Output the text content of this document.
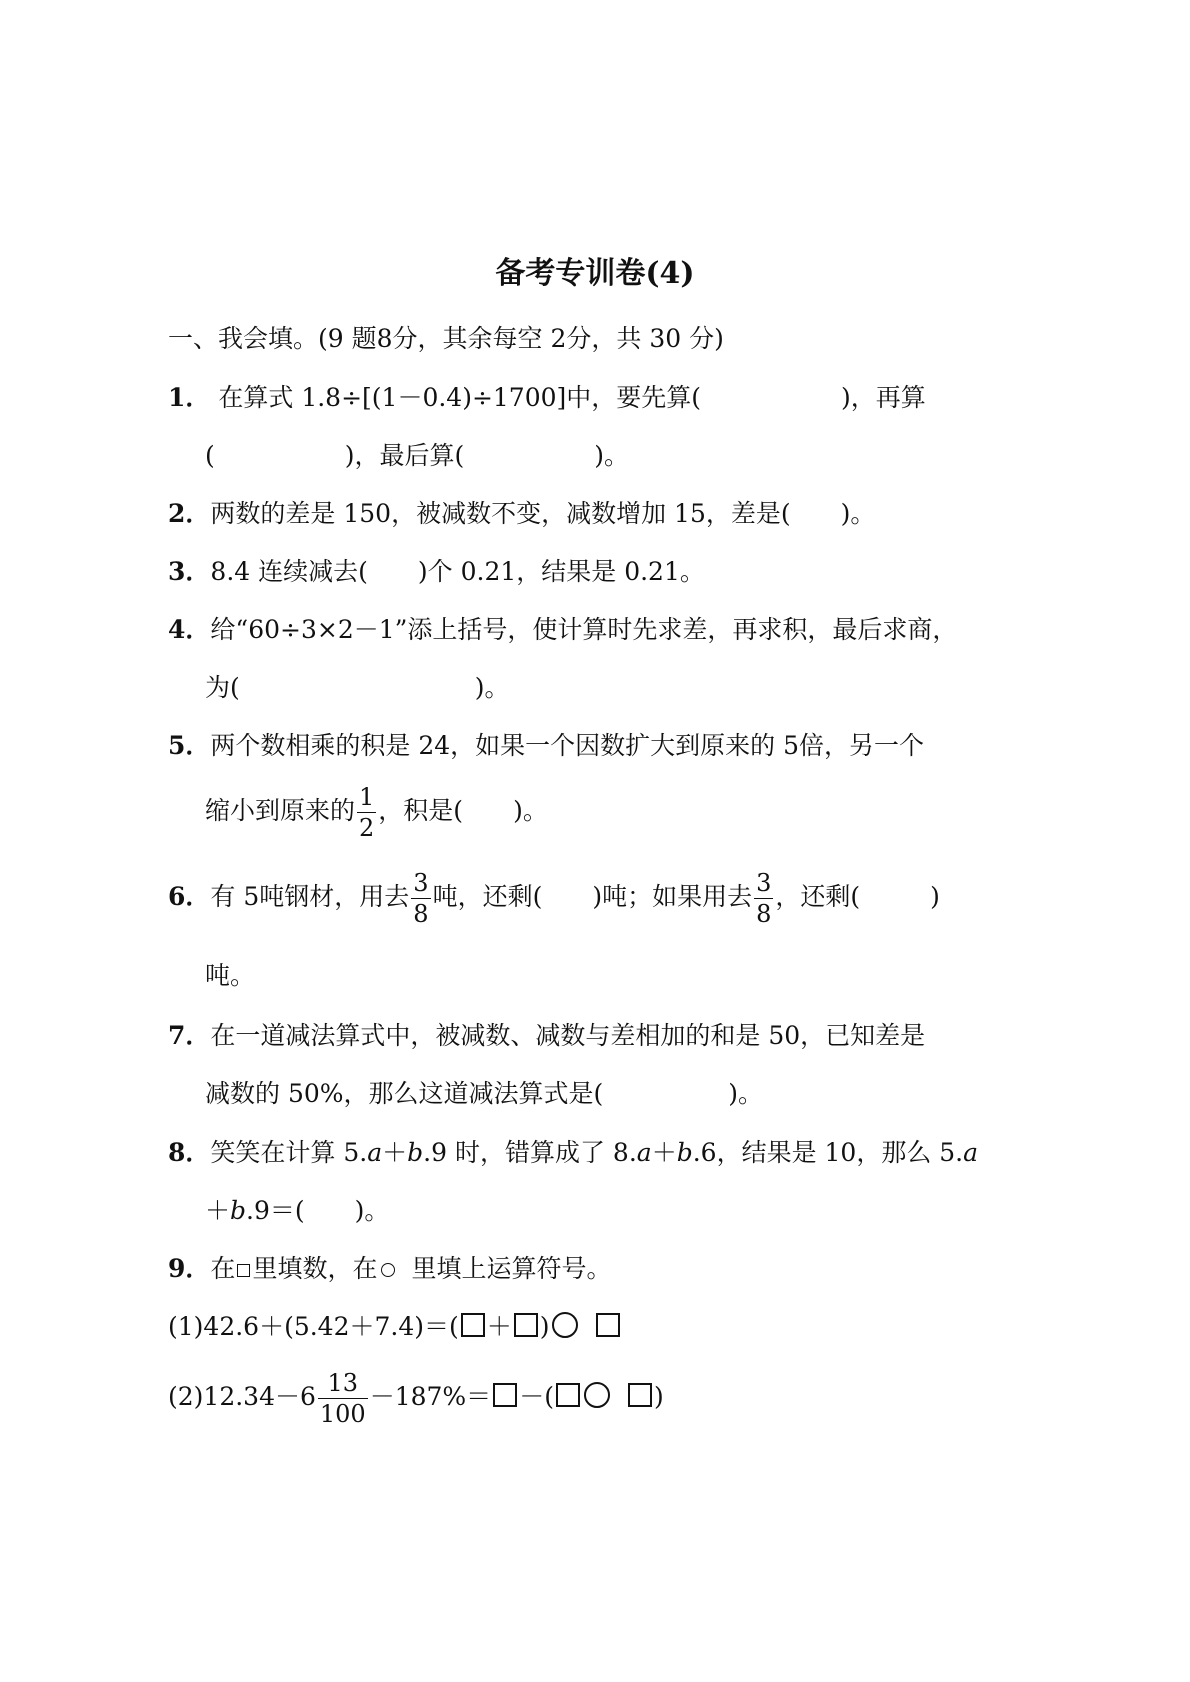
备考专训卷(4)
一、我会填。(9 题8分，其余每空 2分，共 30 分)
1． 在算式 1.8÷[(1－0.4)÷1700]中，要先算(	)，再算
(	)，最后算(	)。
2．两数的差是 150，被减数不变，减数增加 15，差是( )。
3．8.4 连续减去( )个 0.21，结果是 0.21。
4．给“60÷3×2－1”添上括号，使计算时先求差，再求积，最后求商，
为(	)。
5．两个数相乘的积是 24，如果一个因数扩大到原来的 5倍，另一个
缩小到原来的 $\frac{1}{2}$ ，积是( )。
6．有 5吨钢材，用去 $\frac{3}{8}$ 吨，还剩( )吨；如果用去 $\frac{3}{8}$ ，还剩(	)
吨。
7．在一道减法算式中，被减数、减数与差相加的和是 50，已知差是
减数的 50%，那么这道减法算式是(	)。
8．笑笑在计算 5.a＋b.9 时，错算成了 8.a＋b.6，结果是 10，那么 5.a
＋b.9＝( )。
9．在 里填数，在 里填上运算符号。
(1)42.6＋(5.42＋7.4)＝( ＋ )
$(2)12.34-6 \frac{13}{100} -187\%=$ －(	)
